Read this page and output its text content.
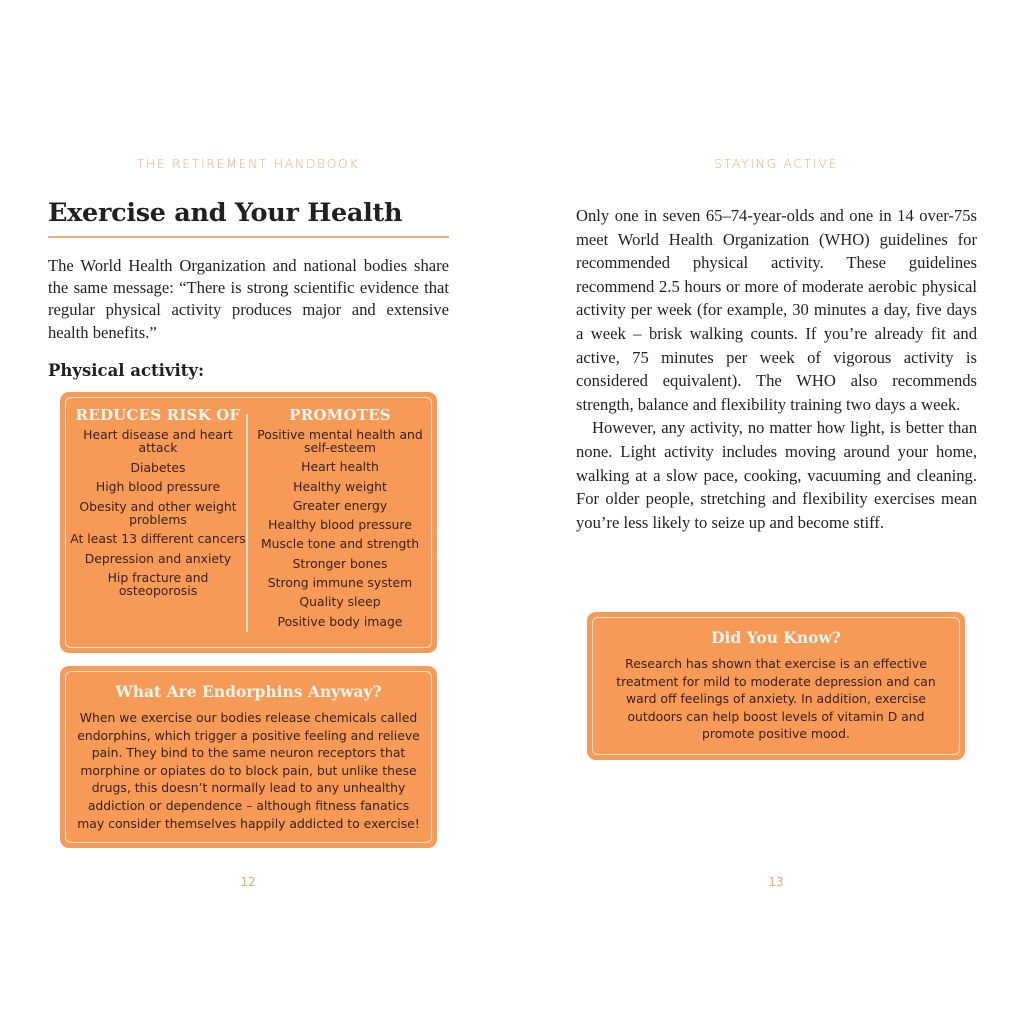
THE RETIREMENT HANDBOOK
Exercise and Your Health

The World Health Organization and national bodies share the same message: “There is strong scientific evidence that regular physical activity produces major and extensive health benefits.”

Physical activity:
REDUCES RISK OF
Heart disease and heart attack
Diabetes
High blood pressure
Obesity and other weight problems
At least 13 different cancers
Depression and anxiety
Hip fracture and osteoporosis
PROMOTES
Positive mental health and self-esteem
Heart health
Healthy weight
Greater energy
Healthy blood pressure
Muscle tone and strength
Stronger bones
Strong immune system
Quality sleep
Positive body image
What Are Endorphins Anyway?
When we exercise our bodies release chemicals called endorphins, which trigger a positive feeling and relieve pain. They bind to the same neuron receptors that morphine or opiates do to block pain, but unlike these drugs, this doesn’t normally lead to any unhealthy addiction or dependence – although fitness fanatics may consider themselves happily addicted to exercise!
12
STAYING ACTIVE

Only one in seven 65–74-year-olds and one in 14 over-75s meet World Health Organization (WHO) guidelines for recommended physical activity. These guidelines recommend 2.5 hours or more of moderate aerobic physical activity per week (for example, 30 minutes a day, five days a week – brisk walking counts. If you’re already fit and active, 75 minutes per week of vigorous activity is considered equivalent). The WHO also recommends strength, balance and flexibility training two days a week.

However, any activity, no matter how light, is better than none. Light activity includes moving around your home, walking at a slow pace, cooking, vacuuming and cleaning. For older people, stretching and flexibility exercises mean you’re less likely to seize up and become stiff.

Did You Know?
Research has shown that exercise is an effective treatment for mild to moderate depression and can ward off feelings of anxiety. In addition, exercise outdoors can help boost levels of vitamin D and promote positive mood.
13
